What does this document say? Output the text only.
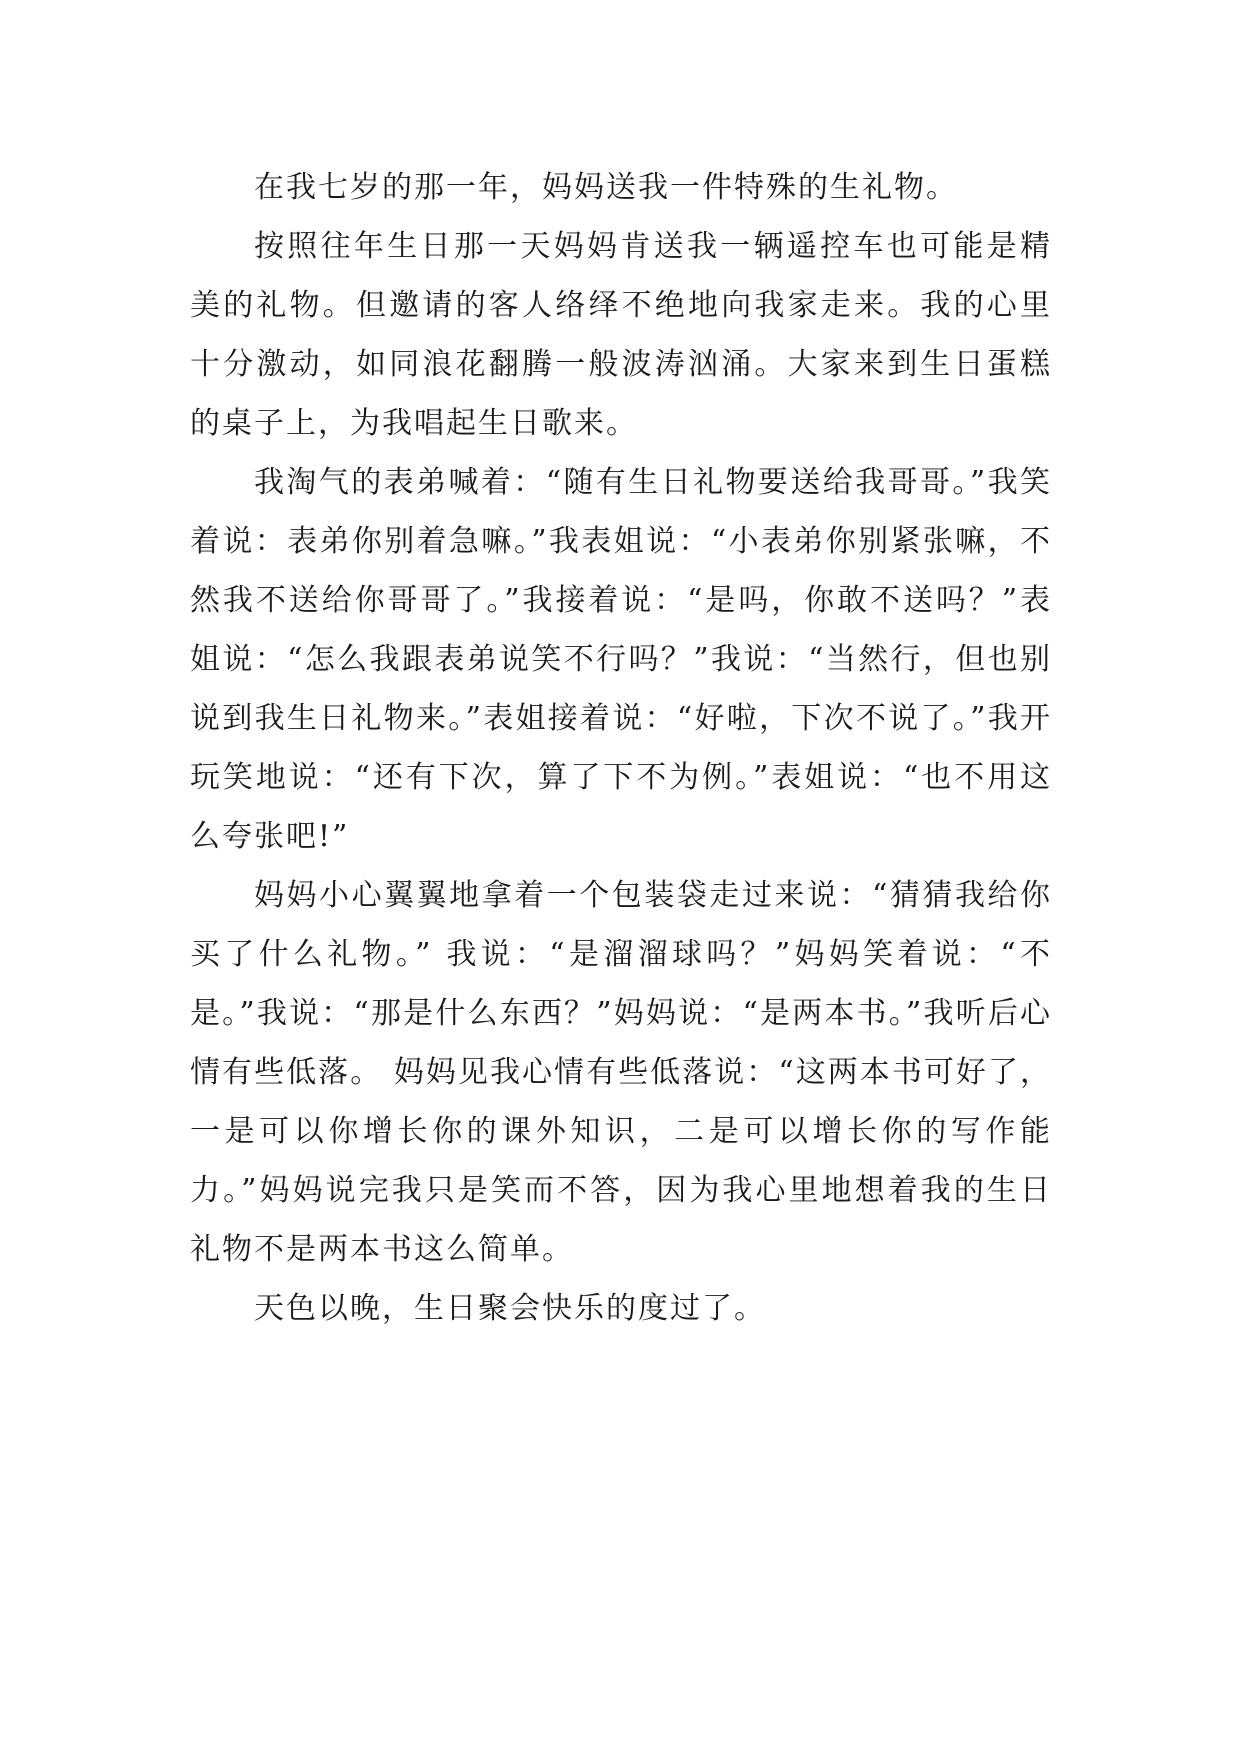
在我七岁的那一年，妈妈送我一件特殊的生礼物。

按照往年生日那一天妈妈肯送我一辆遥控车也可能是精美的礼物。但邀请的客人络绎不绝地向我家走来。我的心里十分激动，如同浪花翻腾一般波涛汹涌。大家来到生日蛋糕的桌子上，为我唱起生日歌来。

我淘气的表弟喊着：“随有生日礼物要送给我哥哥。”我笑着说：表弟你别着急嘛。”我表姐说：“小表弟你别紧张嘛，不然我不送给你哥哥了。”我接着说：“是吗，你敢不送吗？”表姐说：“怎么我跟表弟说笑不行吗？”我说：“当然行，但也别说到我生日礼物来。”表姐接着说：“好啦，下次不说了。”我开玩笑地说：“还有下次，算了下不为例。”表姐说：“也不用这么夸张吧!”

妈妈小心翼翼地拿着一个包装袋走过来说：“猜猜我给你买了什么礼物。” 我说：“是溜溜球吗？”妈妈笑着说：“不是。”我说：“那是什么东西？”妈妈说：“是两本书。”我听后心情有些低落。 妈妈见我心情有些低落说：“这两本书可好了，一是可以你增长你的课外知识，二是可以增长你的写作能力。”妈妈说完我只是笑而不答，因为我心里地想着我的生日礼物不是两本书这么简单。

天色以晚，生日聚会快乐的度过了。
